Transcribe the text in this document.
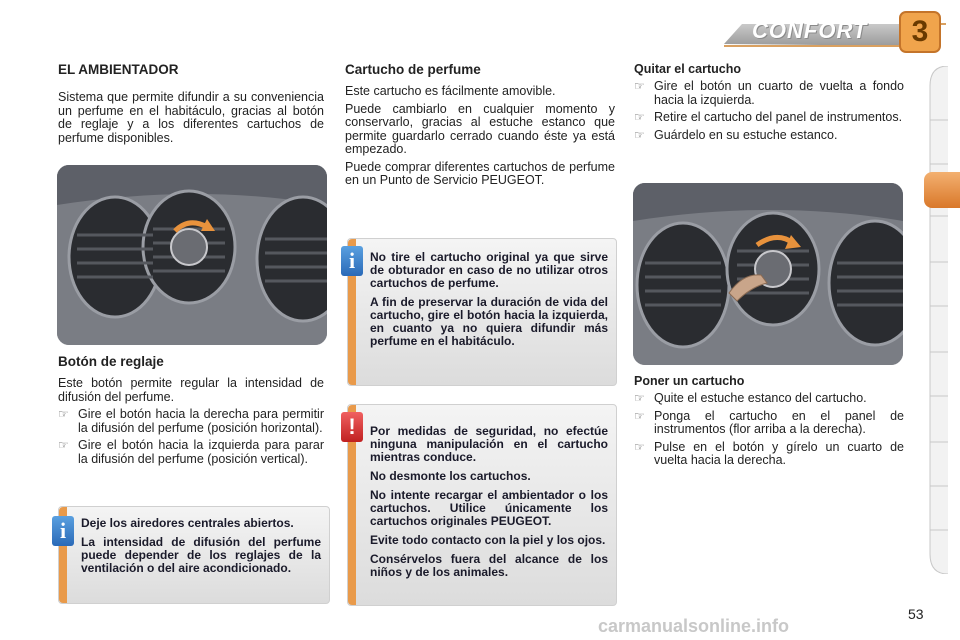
CONFORT	3
EL AMBIENTADOR

Sistema que permite difundir a su conveniencia un perfume en el habitáculo, gracias al botón de reglaje y a los diferentes cartuchos de perfume disponibles.

Botón de reglaje

Este botón permite regular la intensidad de difusión del perfume.

☞ Gire el botón hacia la derecha para permitir la difusión del perfume (posición horizontal).
☞ Gire el botón hacia la izquierda para parar la difusión del perfume (posición vertical).

Deje los airedores centrales abiertos.

La intensidad de difusión del perfume puede depender de los reglajes de la ventilación o del aire acondicionado.

i
Cartucho de perfume

Este cartucho es fácilmente amovible.

Puede cambiarlo en cualquier momento y conservarlo, gracias al estuche estanco que permite guardarlo cerrado cuando éste ya está empezado.

Puede comprar diferentes cartuchos de perfume en un Punto de Servicio PEUGEOT.

No tire el cartucho original ya que sirve de obturador en caso de no utilizar otros cartuchos de perfume.

A fin de preservar la duración de vida del cartucho, gire el botón hacia la izquierda, en cuanto ya no quiera difundir más perfume en el habitáculo.

i

Por medidas de seguridad, no efectúe ninguna manipulación en el cartucho mientras conduce.

No desmonte los cartuchos.

No intente recargar el ambientador o los cartuchos. Utilice únicamente los cartuchos originales PEUGEOT.

Evite todo contacto con la piel y los ojos.

Consérvelos fuera del alcance de los niños y de los animales.

!
Quitar el cartucho
☞ Gire el botón un cuarto de vuelta a fondo hacia la izquierda.
☞ Retire el cartucho del panel de instrumentos.
☞ Guárdelo en su estuche estanco.
Poner un cartucho
☞ Quite el estuche estanco del cartucho.
☞ Ponga el cartucho en el panel de instrumentos (flor arriba a la derecha).
☞ Pulse en el botón y gírelo un cuarto de vuelta hacia la derecha.
carmanualsonline.info
53
